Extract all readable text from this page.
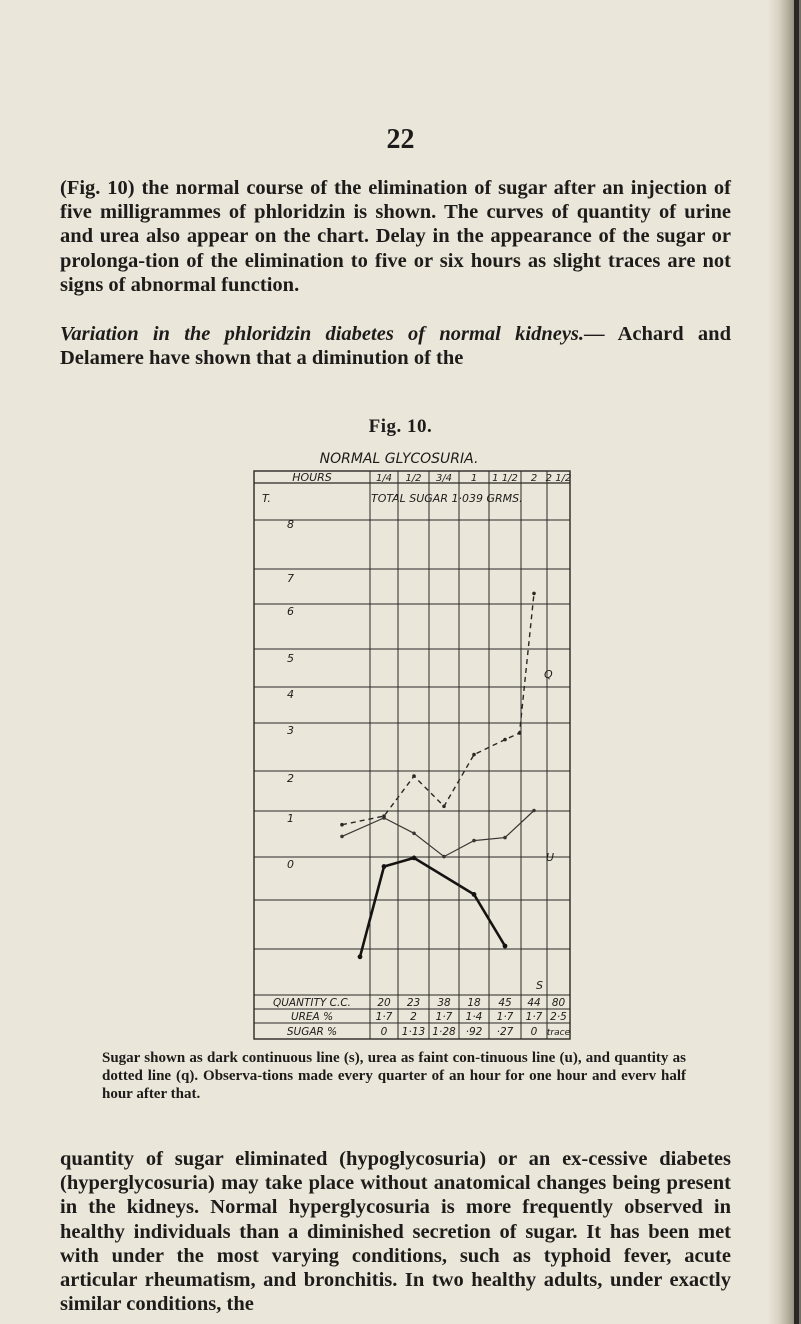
22

(Fig. 10) the normal course of the elimination of sugar after an injection of five milligrammes of phloridzin is shown. The curves of quantity of urine and urea also appear on the chart. Delay in the appearance of the sugar or prolonga-tion of the elimination to five or six hours as slight traces are not signs of abnormal function.

Variation in the phloridzin diabetes of normal kidneys.— Achard and Delamere have shown that a diminution of the

Fig. 10.
NORMAL GLYCOSURIA.
HOURS	1/4 1/2 3/4 1 1 1/2 2 2 1/2
T.
8
7
6
5
4
3
2
1
0
TOTAL SUGAR 1·039 GRMS.
Q
U
S
QUANTITY C.C.	20 23 38 18 45 44 80
UREA %	1·7 2 1·7 1·4 1·7 1·7 2·5
SUGAR %	0 1·13 1·28 ·92 ·27 0 trace

Sugar shown as dark continuous line (s), urea as faint con-tinuous line (u), and quantity as dotted line (q). Observa-tions made every quarter of an hour for one hour and everv half hour after that.

quantity of sugar eliminated (hypoglycosuria) or an ex-cessive diabetes (hyperglycosuria) may take place without anatomical changes being present in the kidneys. Normal hyperglycosuria is more frequently observed in healthy individuals than a diminished secretion of sugar. It has been met with under the most varying conditions, such as typhoid fever, acute articular rheumatism, and bronchitis. In two healthy adults, under exactly similar conditions, the
